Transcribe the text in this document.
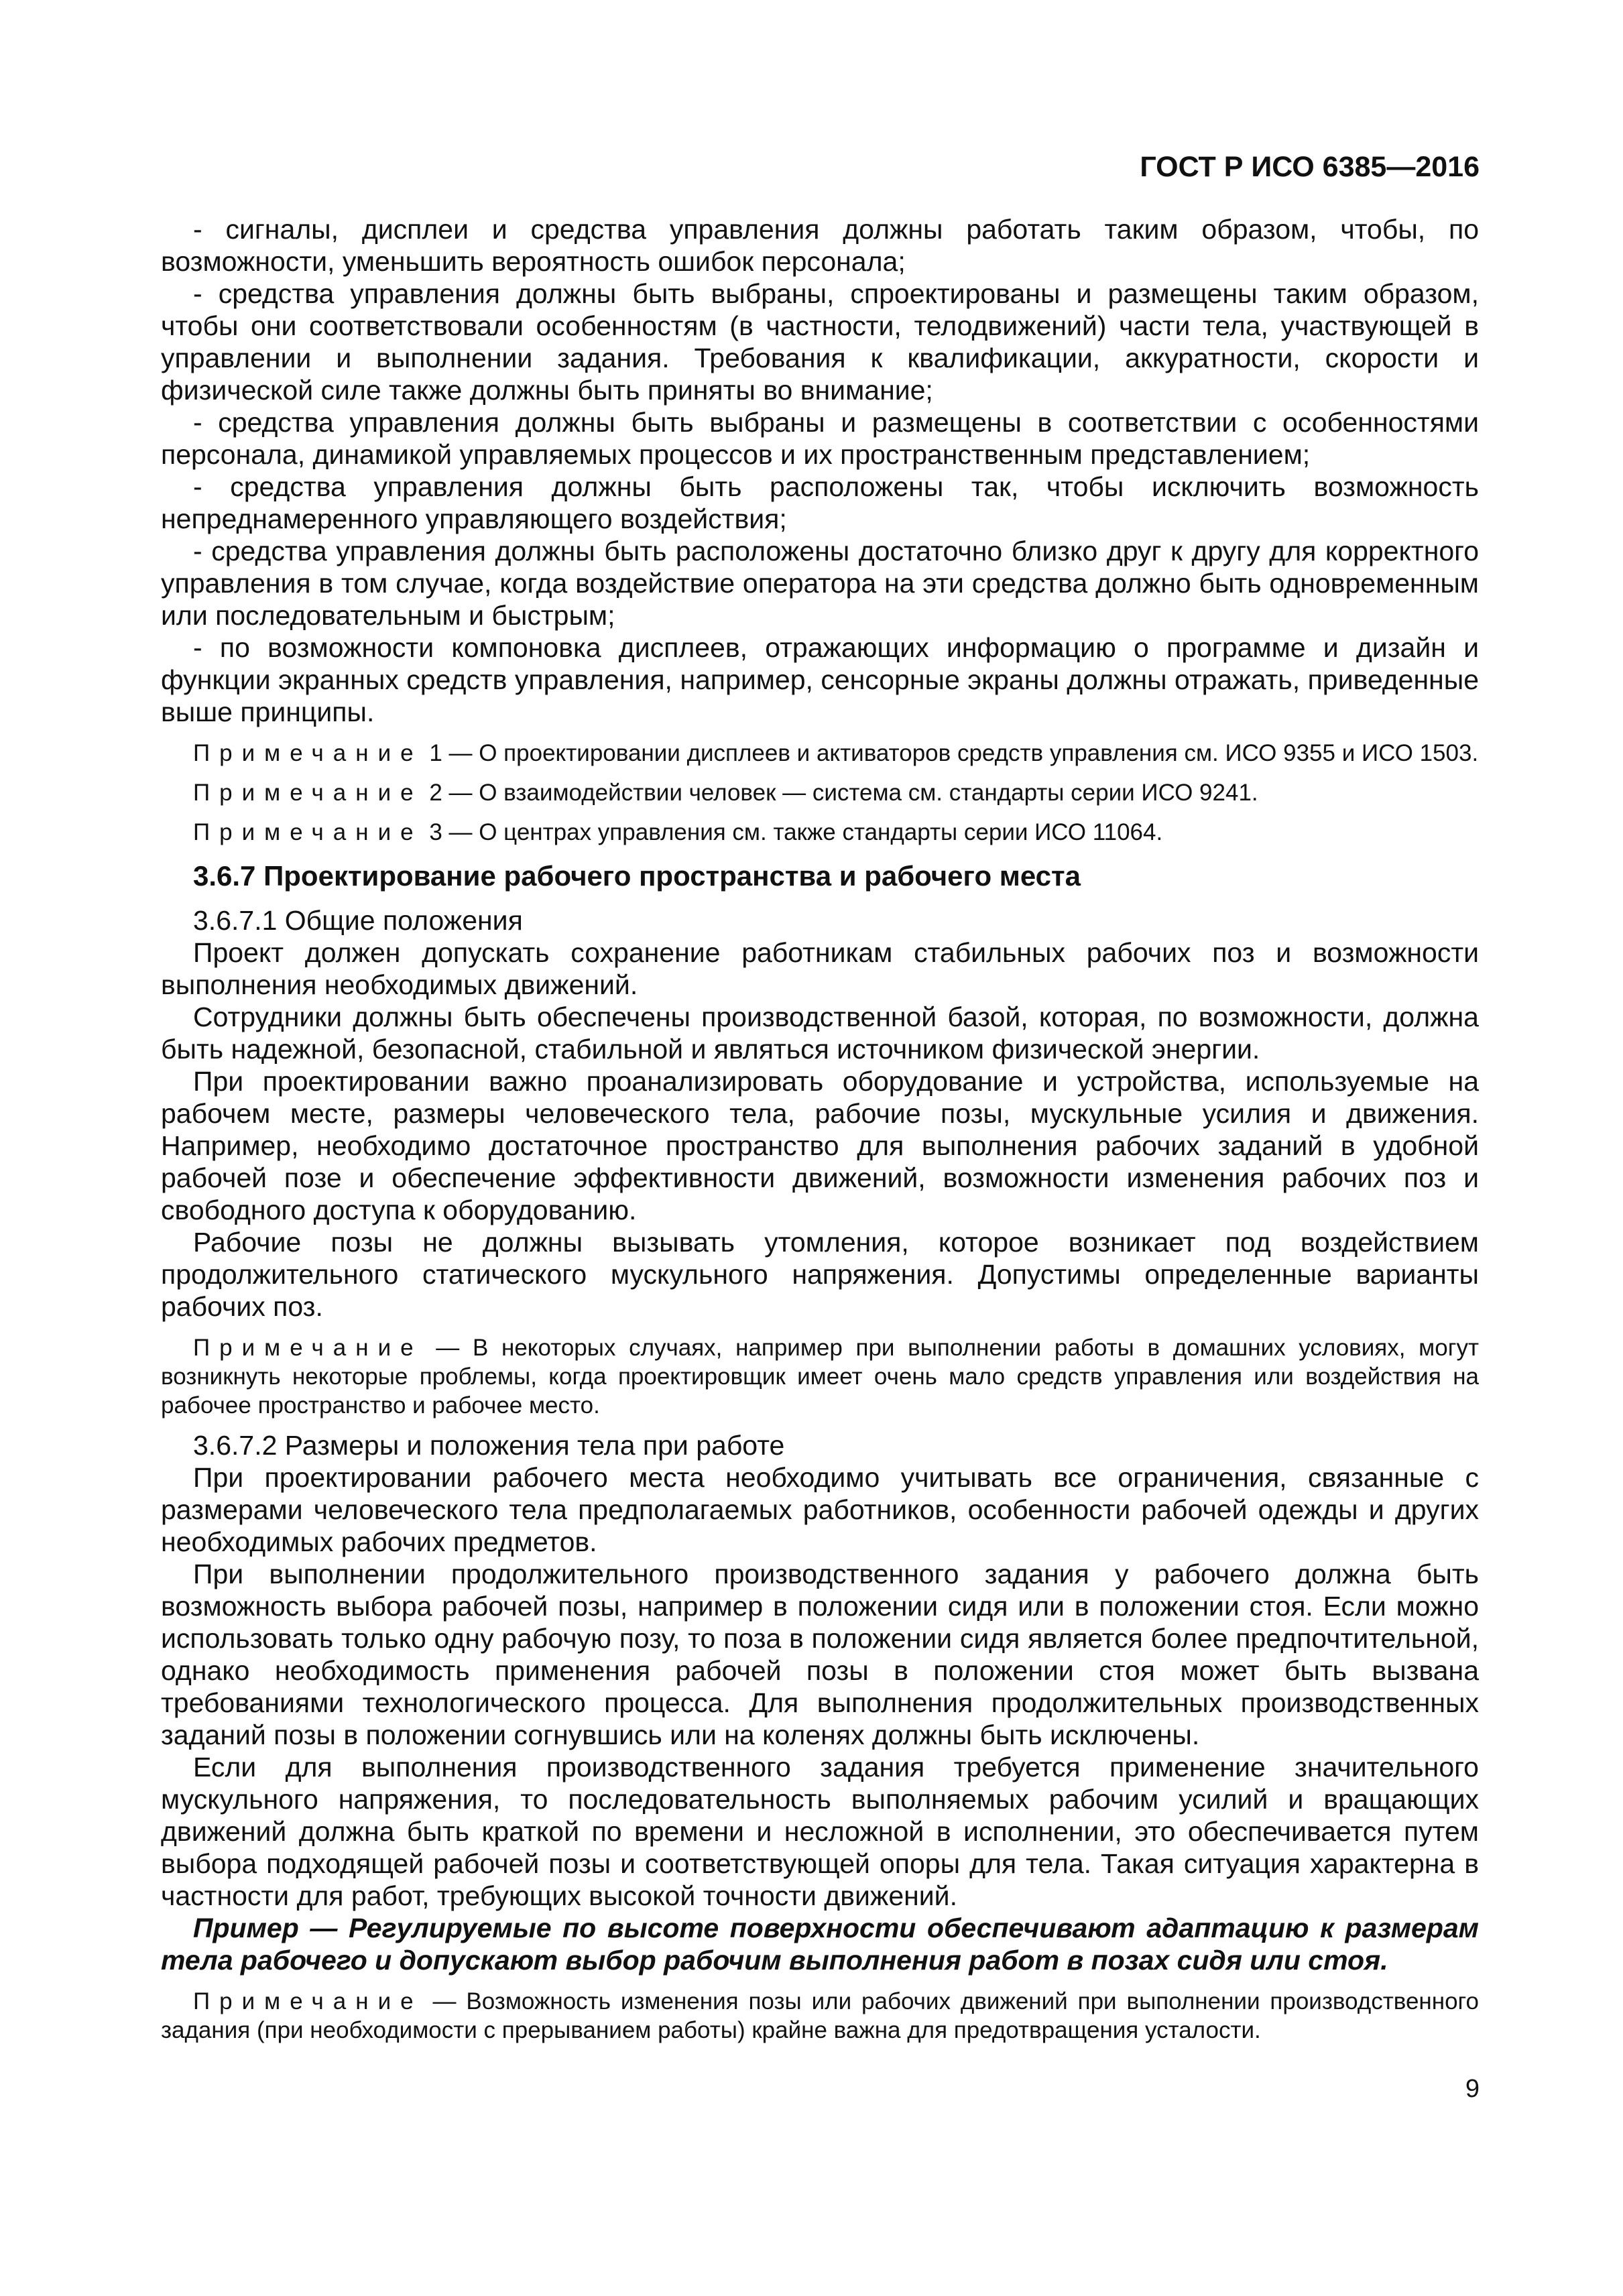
ГОСТ Р ИСО 6385—2016

- сигналы, дисплеи и средства управления должны работать таким образом, чтобы, по возможности, уменьшить вероятность ошибок персонала;

- средства управления должны быть выбраны, спроектированы и размещены таким образом, чтобы они соответствовали особенностям (в частности, телодвижений) части тела, участвующей в управлении и выполнении задания. Требования к квалификации, аккуратности, скорости и физической силе также должны быть приняты во внимание;

- средства управления должны быть выбраны и размещены в соответствии с особенностями персонала, динамикой управляемых процессов и их пространственным представлением;

- средства управления должны быть расположены так, чтобы исключить возможность непреднамеренного управляющего воздействия;

- средства управления должны быть расположены достаточно близко друг к другу для корректного управления в том случае, когда воздействие оператора на эти средства должно быть одновременным или последовательным и быстрым;

- по возможности компоновка дисплеев, отражающих информацию о программе и дизайн и функции экранных средств управления, например, сенсорные экраны должны отражать, приведенные выше принципы.

Примечание 1 — О проектировании дисплеев и активаторов средств управления см. ИСО 9355 и ИСО 1503.

Примечание 2 — О взаимодействии человек — система см. стандарты серии ИСО 9241.

Примечание 3 — О центрах управления см. также стандарты серии ИСО 11064.

3.6.7 Проектирование рабочего пространства и рабочего места

3.6.7.1 Общие положения

Проект должен допускать сохранение работникам стабильных рабочих поз и возможности выполнения необходимых движений.

Сотрудники должны быть обеспечены производственной базой, которая, по возможности, должна быть надежной, безопасной, стабильной и являться источником физической энергии.

При проектировании важно проанализировать оборудование и устройства, используемые на рабочем месте, размеры человеческого тела, рабочие позы, мускульные усилия и движения. Например, необходимо достаточное пространство для выполнения рабочих заданий в удобной рабочей позе и обеспечение эффективности движений, возможности изменения рабочих поз и свободного доступа к оборудованию.

Рабочие позы не должны вызывать утомления, которое возникает под воздействием продолжительного статического мускульного напряжения. Допустимы определенные варианты рабочих поз.

Примечание — В некоторых случаях, например при выполнении работы в домашних условиях, могут возникнуть некоторые проблемы, когда проектировщик имеет очень мало средств управления или воздействия на рабочее пространство и рабочее место.

3.6.7.2 Размеры и положения тела при работе

При проектировании рабочего места необходимо учитывать все ограничения, связанные с размерами человеческого тела предполагаемых работников, особенности рабочей одежды и других необходимых рабочих предметов.

При выполнении продолжительного производственного задания у рабочего должна быть возможность выбора рабочей позы, например в положении сидя или в положении стоя. Если можно использовать только одну рабочую позу, то поза в положении сидя является более предпочтительной, однако необходимость применения рабочей позы в положении стоя может быть вызвана требованиями технологического процесса. Для выполнения продолжительных производственных заданий позы в положении согнувшись или на коленях должны быть исключены.

Если для выполнения производственного задания требуется применение значительного мускульного напряжения, то последовательность выполняемых рабочим усилий и вращающих движений должна быть краткой по времени и несложной в исполнении, это обеспечивается путем выбора подходящей рабочей позы и соответствующей опоры для тела. Такая ситуация характерна в частности для работ, требующих высокой точности движений.

Пример — Регулируемые по высоте поверхности обеспечивают адаптацию к размерам тела рабочего и допускают выбор рабочим выполнения работ в позах сидя или стоя.

Примечание — Возможность изменения позы или рабочих движений при выполнении производственного задания (при необходимости с прерыванием работы) крайне важна для предотвращения усталости.

9
